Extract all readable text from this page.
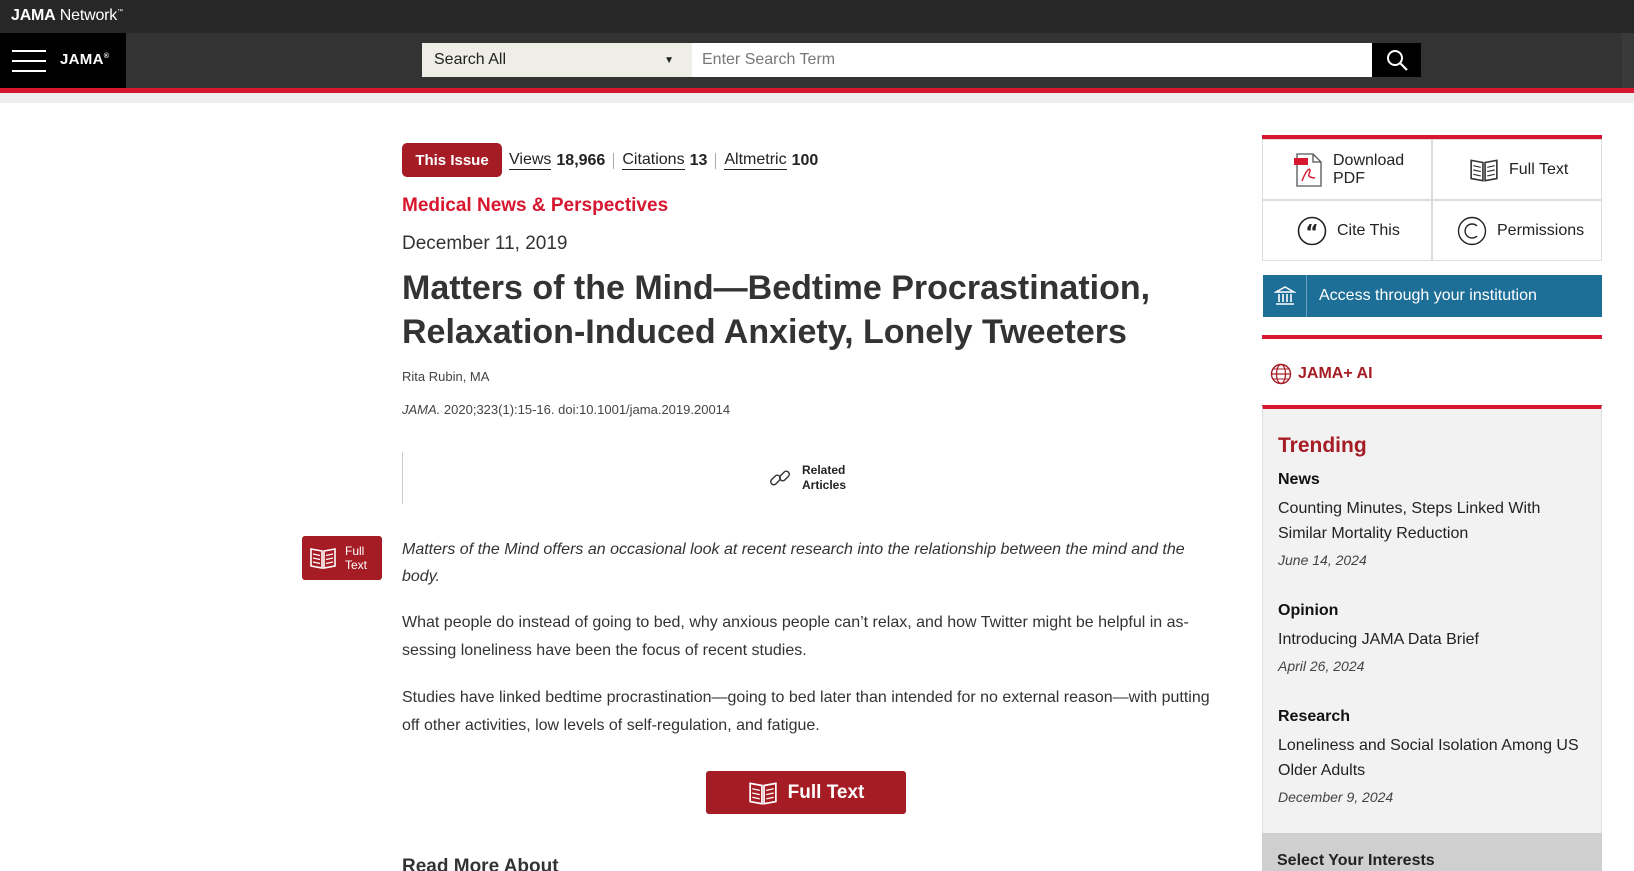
JAMA Network™
JAMA®	Search All	▼
Enter Search Term
This Issue	Views 18,966 Citations 13 Altmetric 100
Medical News & Perspectives
December 11, 2019
Matters of the Mind—Bedtime Procrastination, Relaxation-Induced Anxiety, Lonely Tweeters
Rita Rubin, MA
JAMA. 2020;323(1):15-16. doi:10.1001/jama.2019.20014
Related
Articles
Full
Text

Matters of the Mind offers an occasional look at recent research into the relationship between the mind and the body.

What people do instead of going to bed, why anxious people can’t relax, and how Twitter might be helpful in as-sessing loneliness have been the focus of recent studies.

Studies have linked bedtime procrastination—going to bed later than intended for no external reason—with putting off other activities, low levels of self-regulation, and fatigue.

Full Text
Read More About
Download
PDF
Full Text
“ Cite This	Permissions
Access through your institution
JAMA+ AI
Trending
News
Counting Minutes, Steps Linked With Similar Mortality Reduction
June 14, 2024
Opinion
Introducing JAMA Data Brief
April 26, 2024
Research
Loneliness and Social Isolation Among US Older Adults
December 9, 2024
Select Your Interests
